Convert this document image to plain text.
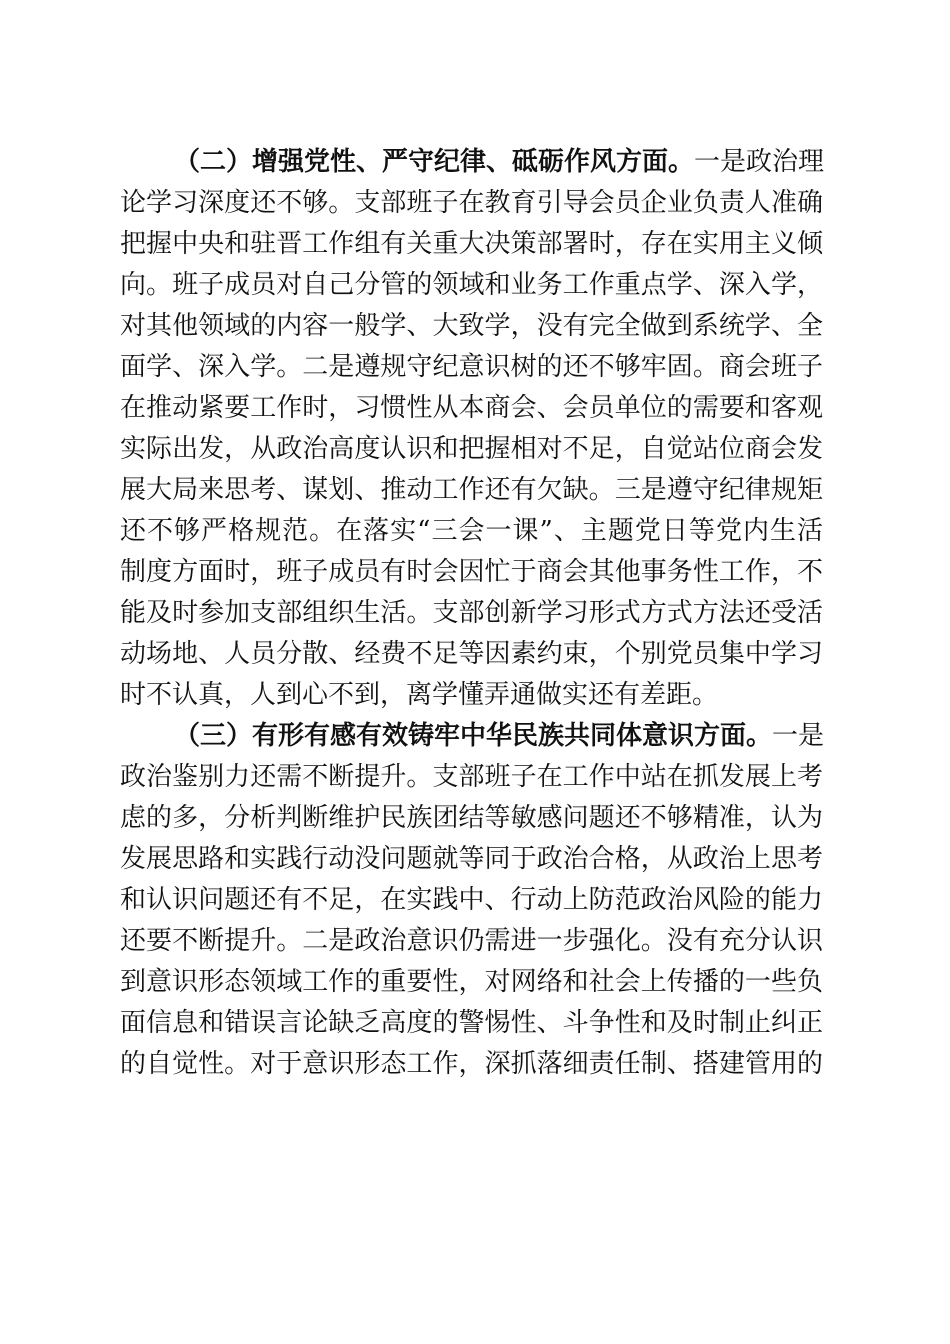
（二）增强党性、严守纪律、砥砺作风方面。一是政治理
论学习深度还不够。支部班子在教育引导会员企业负责人准确
把握中央和驻晋工作组有关重大决策部署时，存在实用主义倾
向。班子成员对自己分管的领域和业务工作重点学、深入学，
对其他领域的内容一般学、大致学，没有完全做到系统学、全
面学、深入学。二是遵规守纪意识树的还不够牢固。商会班子
在推动紧要工作时，习惯性从本商会、会员单位的需要和客观
实际出发，从政治高度认识和把握相对不足，自觉站位商会发
展大局来思考、谋划、推动工作还有欠缺。三是遵守纪律规矩
还不够严格规范。在落实“三会一课”、主题党日等党内生活
制度方面时，班子成员有时会因忙于商会其他事务性工作，不
能及时参加支部组织生活。支部创新学习形式方式方法还受活
动场地、人员分散、经费不足等因素约束，个别党员集中学习
时不认真，人到心不到，离学懂弄通做实还有差距。
（三）有形有感有效铸牢中华民族共同体意识方面。一是
政治鉴别力还需不断提升。支部班子在工作中站在抓发展上考
虑的多，分析判断维护民族团结等敏感问题还不够精准，认为
发展思路和实践行动没问题就等同于政治合格，从政治上思考
和认识问题还有不足，在实践中、行动上防范政治风险的能力
还要不断提升。二是政治意识仍需进一步强化。没有充分认识
到意识形态领域工作的重要性，对网络和社会上传播的一些负
面信息和错误言论缺乏高度的警惕性、斗争性和及时制止纠正
的自觉性。对于意识形态工作，深抓落细责任制、搭建管用的
